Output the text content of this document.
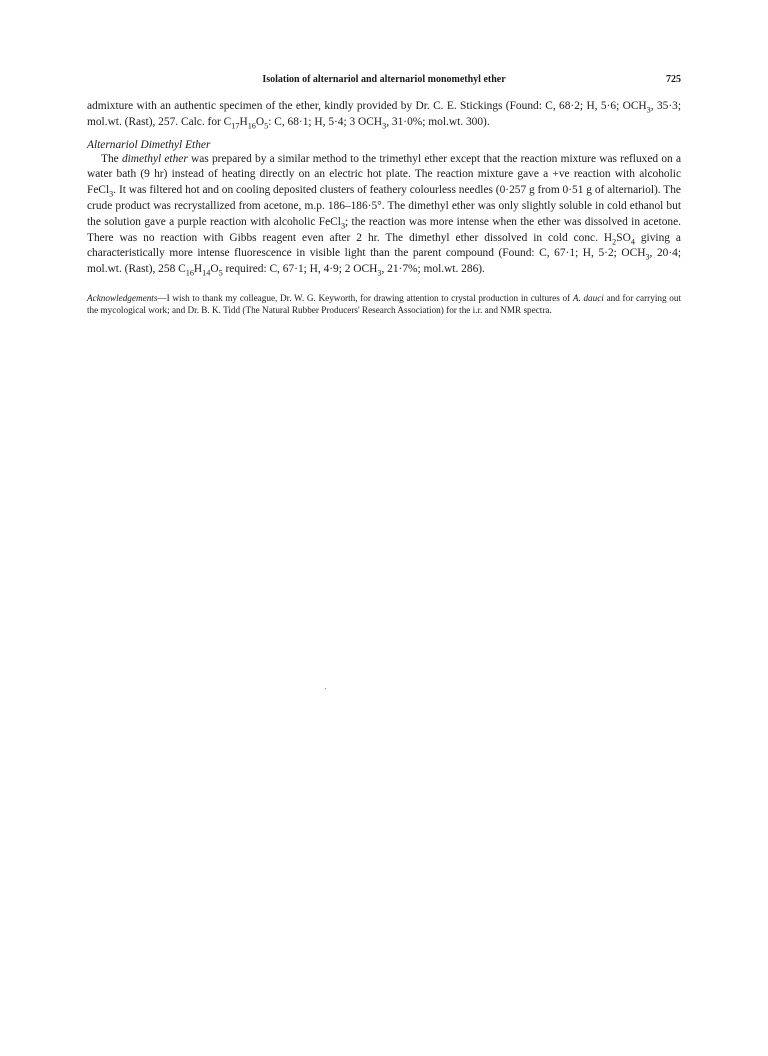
Isolation of alternariol and alternariol monomethyl ether	725

admixture with an authentic specimen of the ether, kindly provided by Dr. C. E. Stickings (Found: C, 68·2; H, 5·6; $OCH_3$, 35·3; mol.wt. (Rast), 257. Calc. for $C_{17}H_{16}O_5$: C, 68·1; H, 5·4; 3 $OCH_3$, 31·0%; mol.wt. 300).

Alternariol Dimethyl Ether

The dimethyl ether was prepared by a similar method to the trimethyl ether except that the reaction mixture was refluxed on a water bath (9 hr) instead of heating directly on an electric hot plate. The reaction mixture gave a +ve reaction with alcoholic FeCl$_3$. It was filtered hot and on cooling deposited clusters of feathery colourless needles (0·257 g from 0·51 g of alternariol). The crude product was recrystallized from acetone, m.p. 186–186·5°. The dimethyl ether was only slightly soluble in cold ethanol but the solution gave a purple reaction with alcoholic FeCl$_3$; the reaction was more intense when the ether was dissolved in acetone. There was no reaction with Gibbs reagent even after 2 hr. The dimethyl ether dissolved in cold conc. $H_2SO_4$ giving a characteristically more intense fluorescence in visible light than the parent compound (Found: C, 67·1; H, 5·2; $OCH_3$, 20·4; mol.wt. (Rast), 258 $C_{16}H_{14}O_5$ required: C, 67·1; H, 4·9; 2 $OCH_3$, 21·7%; mol.wt. 286).

Acknowledgements—I wish to thank my colleague, Dr. W. G. Keyworth, for drawing attention to crystal production in cultures of A. dauci and for carrying out the mycological work; and Dr. B. K. Tidd (The Natural Rubber Producers' Research Association) for the i.r. and NMR spectra.
